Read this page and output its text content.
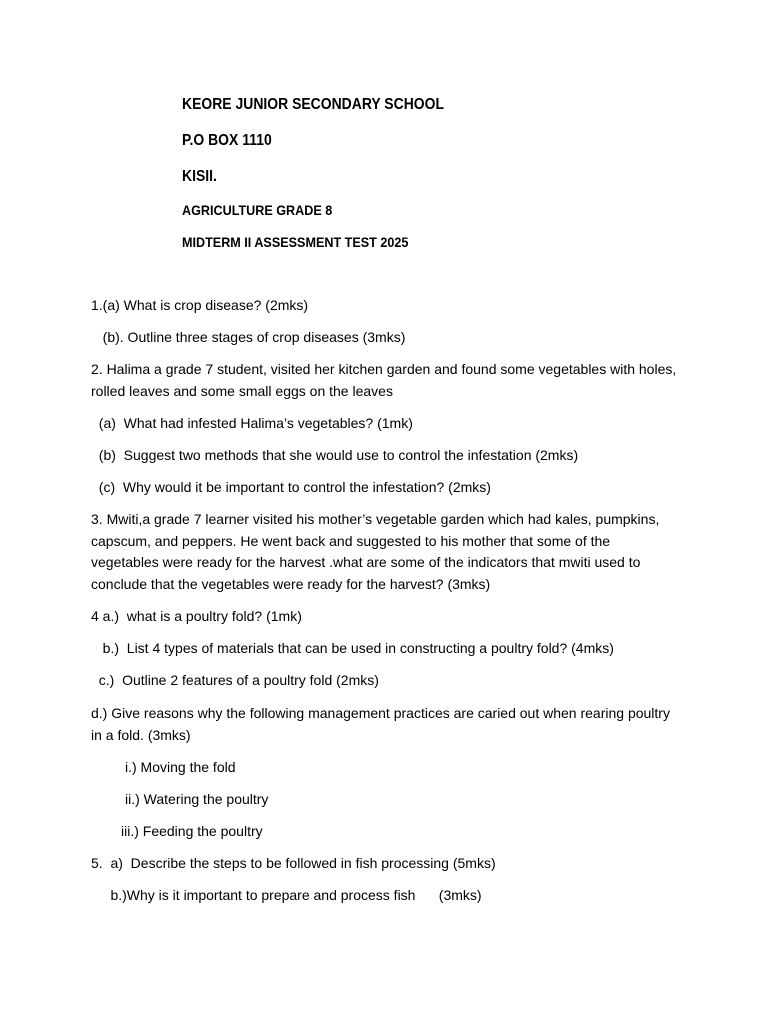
KEORE JUNIOR SECONDARY SCHOOL
P.O BOX 1110
KISII.
AGRICULTURE GRADE 8
MIDTERM II ASSESSMENT TEST 2025
1.(a) What is crop disease? (2mks)
(b). Outline three stages of crop diseases (3mks)
2. Halima a grade 7 student, visited her kitchen garden and found some vegetables with holes, rolled leaves and some small eggs on the leaves
(a)  What had infested Halima’s vegetables? (1mk)
(b)  Suggest two methods that she would use to control the infestation (2mks)
(c)  Why would it be important to control the infestation? (2mks)
3. Mwiti,a grade 7 learner visited his mother’s vegetable garden which had kales, pumpkins, capscum, and peppers. He went back and suggested to his mother that some of the vegetables were ready for the harvest .what are some of the indicators that mwiti used to conclude that the vegetables were ready for the harvest? (3mks)
4 a.)  what is a poultry fold? (1mk)
b.)  List 4 types of materials that can be used in constructing a poultry fold? (4mks)
c.)  Outline 2 features of a poultry fold (2mks)
d.) Give reasons why the following management practices are caried out when rearing poultry in a fold. (3mks)
i.) Moving the fold
ii.) Watering the poultry
iii.) Feeding the poultry
5.  a)  Describe the steps to be followed in fish processing (5mks)
b.)Why is it important to prepare and process fish      (3mks)
